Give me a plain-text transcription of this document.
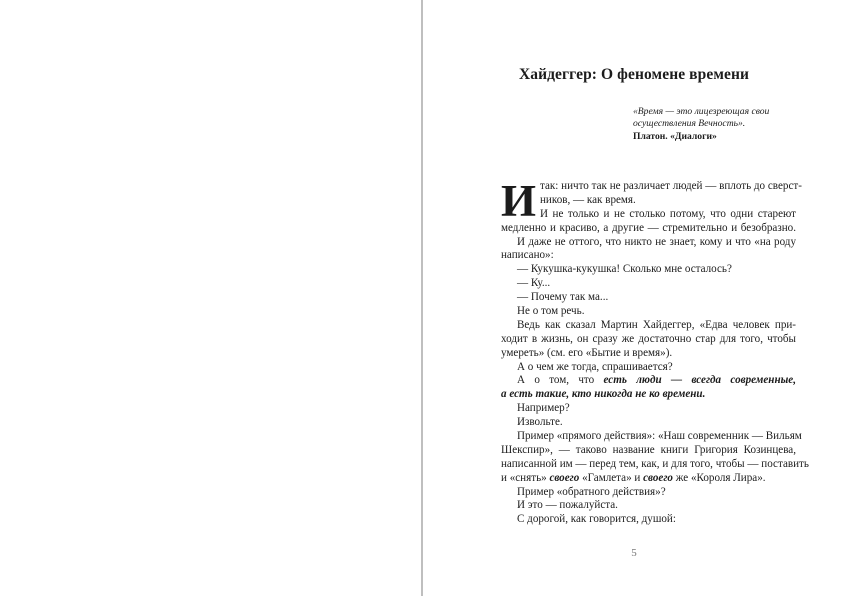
Хайдеггер: О феномене времени
«Время — это лицезреющая свои
осуществления Вечность».
Платон. «Диалоги»
И так: ничто так не различает людей — вплоть до сверст-
ников, — как время.
И не только и не столько потому, что одни стареют
медленно и красиво, а другие — стремительно и безобразно.
И даже не оттого, что никто не знает, кому и что «на роду
написано»:
— Кукушка-кукушка! Сколько мне осталось?
— Ку...
— Почему так ма...
Не о том речь.
Ведь как сказал Мартин Хайдеггер, «Едва человек при-
ходит в жизнь, он сразу же достаточно стар для того, чтобы
умереть» (см. его «Бытие и время»).
А о чем же тогда, спрашивается?
А о том, что есть люди — всегда современные,
а есть такие, кто никогда не ко времени.
Например?
Извольте.
Пример «прямого действия»: «Наш современник — Вильям
Шекспир», — таково название книги Григория Козинцева,
написанной им — перед тем, как, и для того, чтобы — поставить
и «снять» своего «Гамлета» и своего же «Короля Лира».
Пример «обратного действия»?
И это — пожалуйста.
С дорогой, как говорится, душой:
5
